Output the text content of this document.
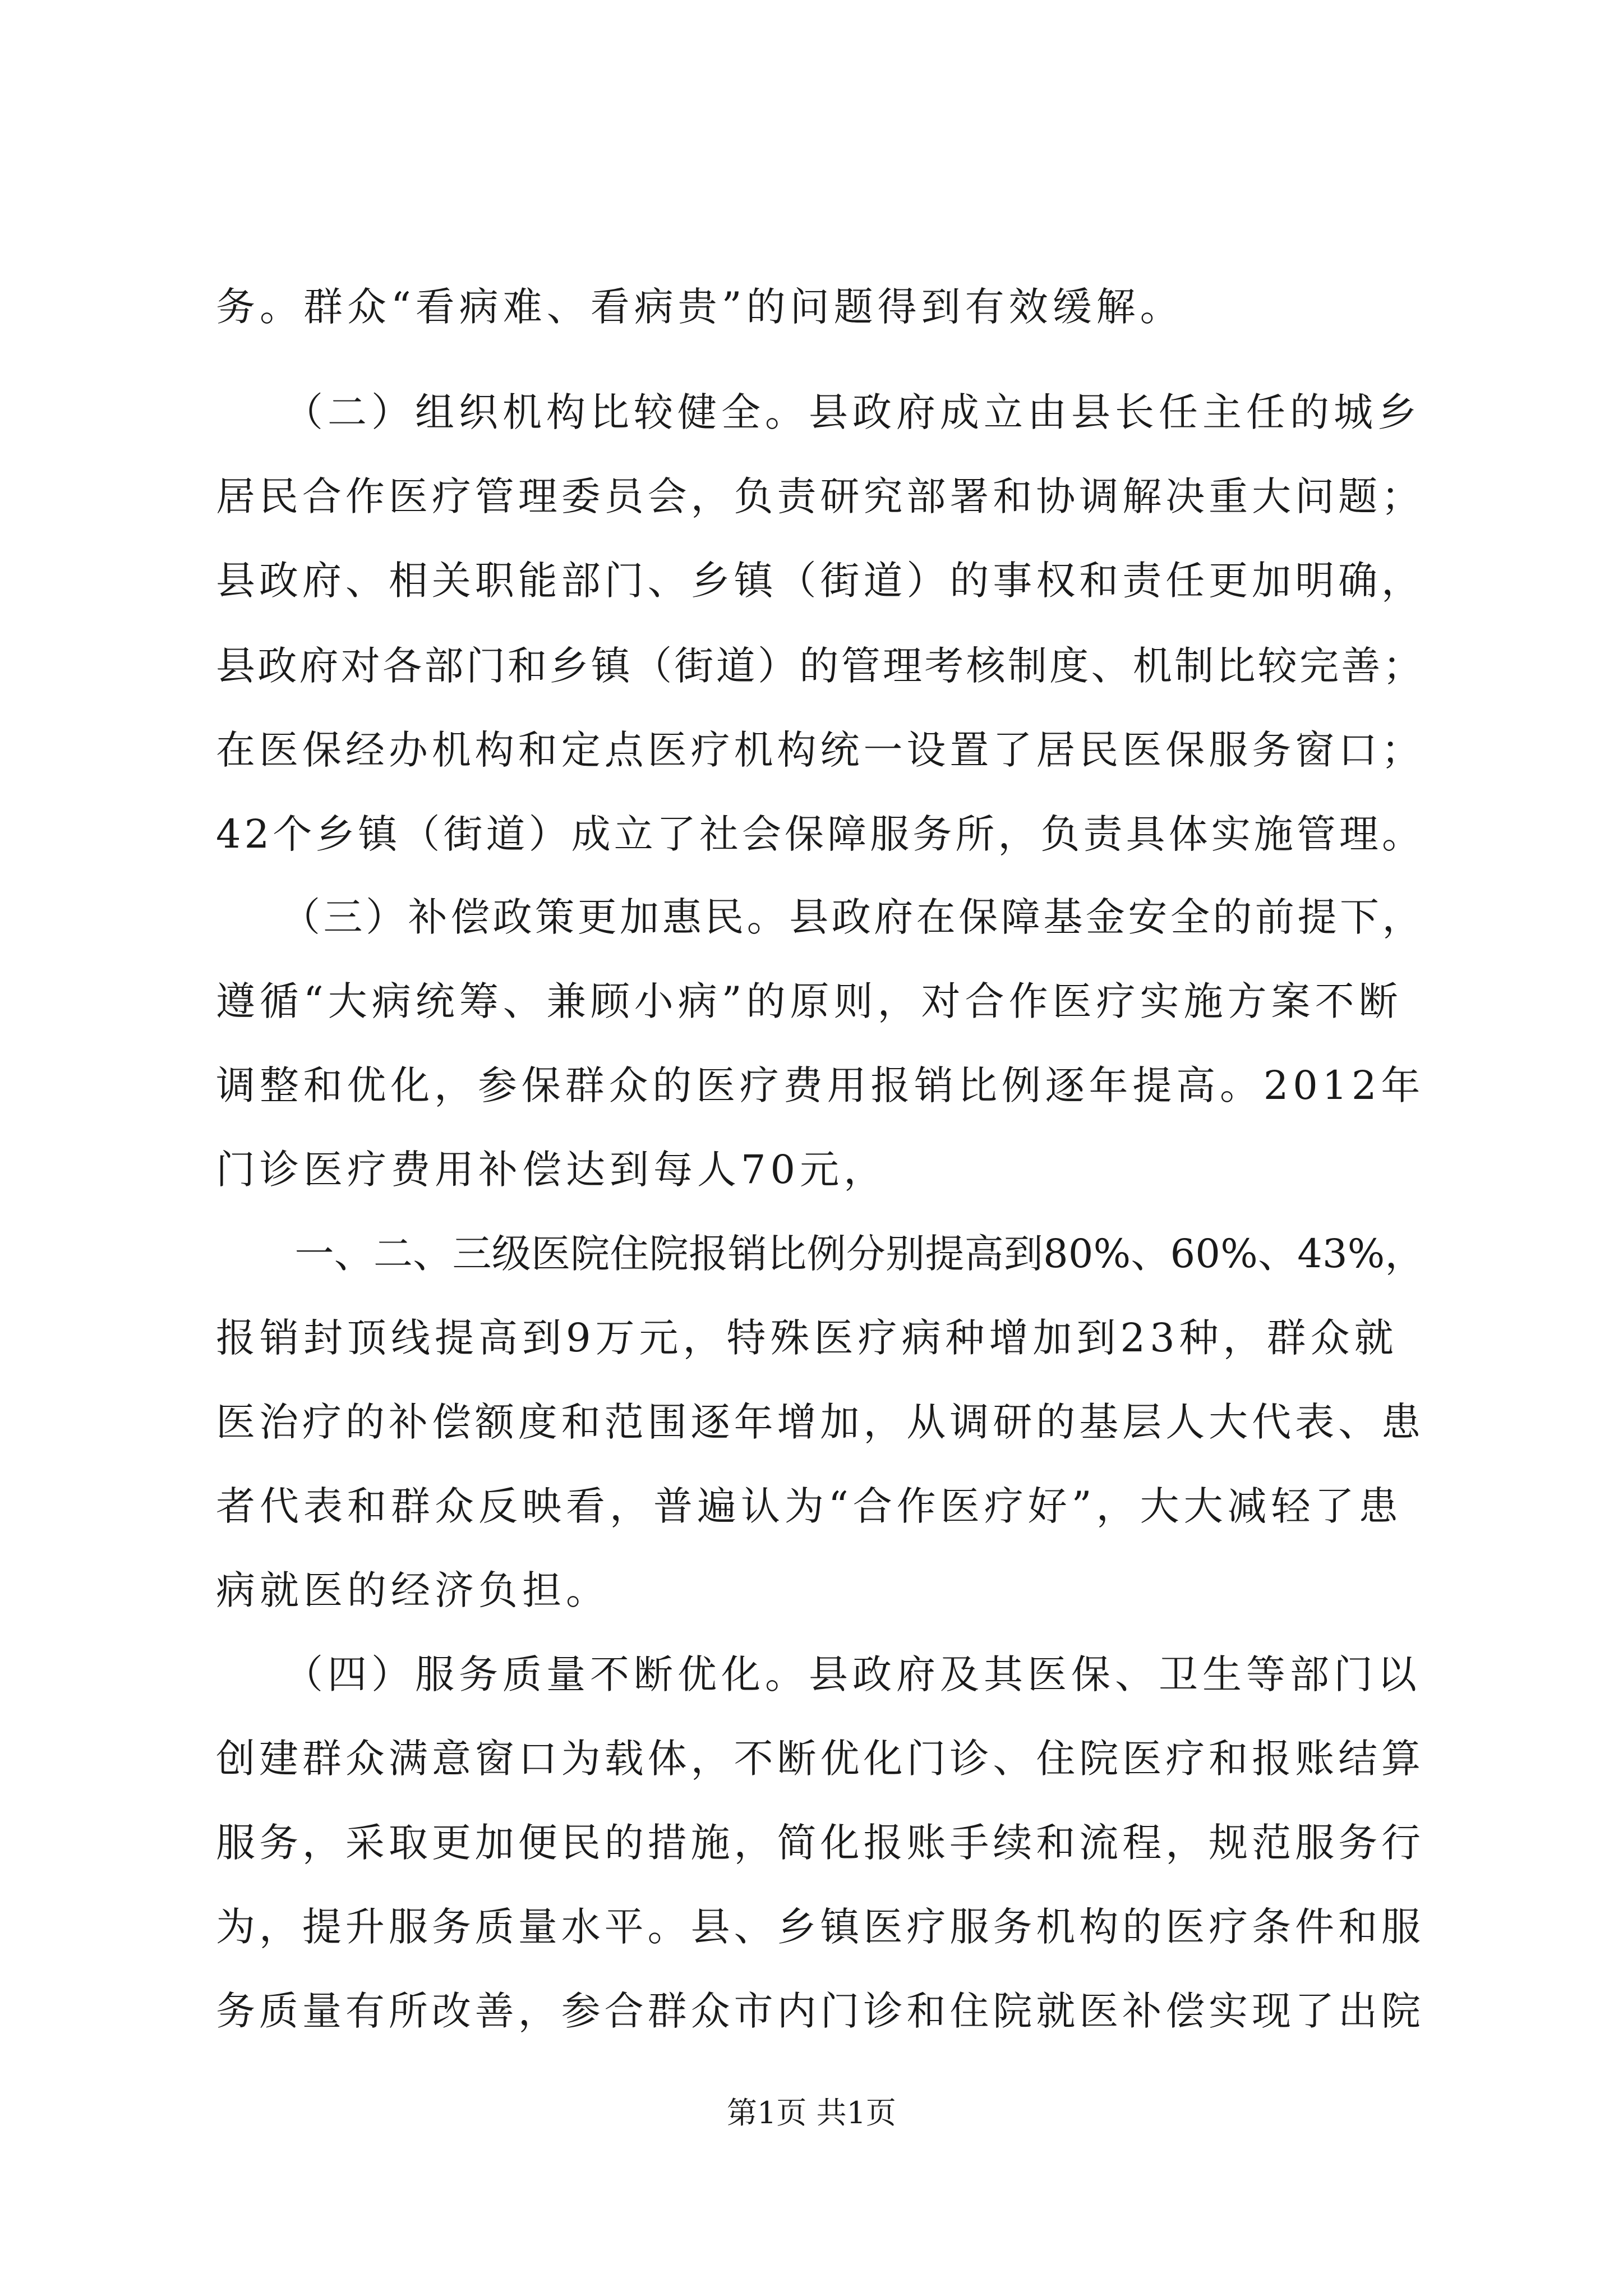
务。群众“看病难、看病贵”的问题得到有效缓解。
　　（二）组织机构比较健全。县政府成立由县长任主任的城乡
居民合作医疗管理委员会，负责研究部署和协调解决重大问题；
县政府、相关职能部门、乡镇（街道）的事权和责任更加明确，
县政府对各部门和乡镇（街道）的管理考核制度、机制比较完善；
在医保经办机构和定点医疗机构统一设置了居民医保服务窗口；
42个乡镇（街道）成立了社会保障服务所，负责具体实施管理。
　　（三）补偿政策更加惠民。县政府在保障基金安全的前提下，
遵循“大病统筹、兼顾小病”的原则，对合作医疗实施方案不断
调整和优化，参保群众的医疗费用报销比例逐年提高。2012年
门诊医疗费用补偿达到每人70元，
　　一、二、三级医院住院报销比例分别提高到80%、60%、43%，
报销封顶线提高到9万元，特殊医疗病种增加到23种，群众就
医治疗的补偿额度和范围逐年增加，从调研的基层人大代表、患
者代表和群众反映看，普遍认为“合作医疗好”，大大减轻了患
病就医的经济负担。
　　（四）服务质量不断优化。县政府及其医保、卫生等部门以
创建群众满意窗口为载体，不断优化门诊、住院医疗和报账结算
服务，采取更加便民的措施，简化报账手续和流程，规范服务行
为，提升服务质量水平。县、乡镇医疗服务机构的医疗条件和服
务质量有所改善，参合群众市内门诊和住院就医补偿实现了出院
第1页 共1页
